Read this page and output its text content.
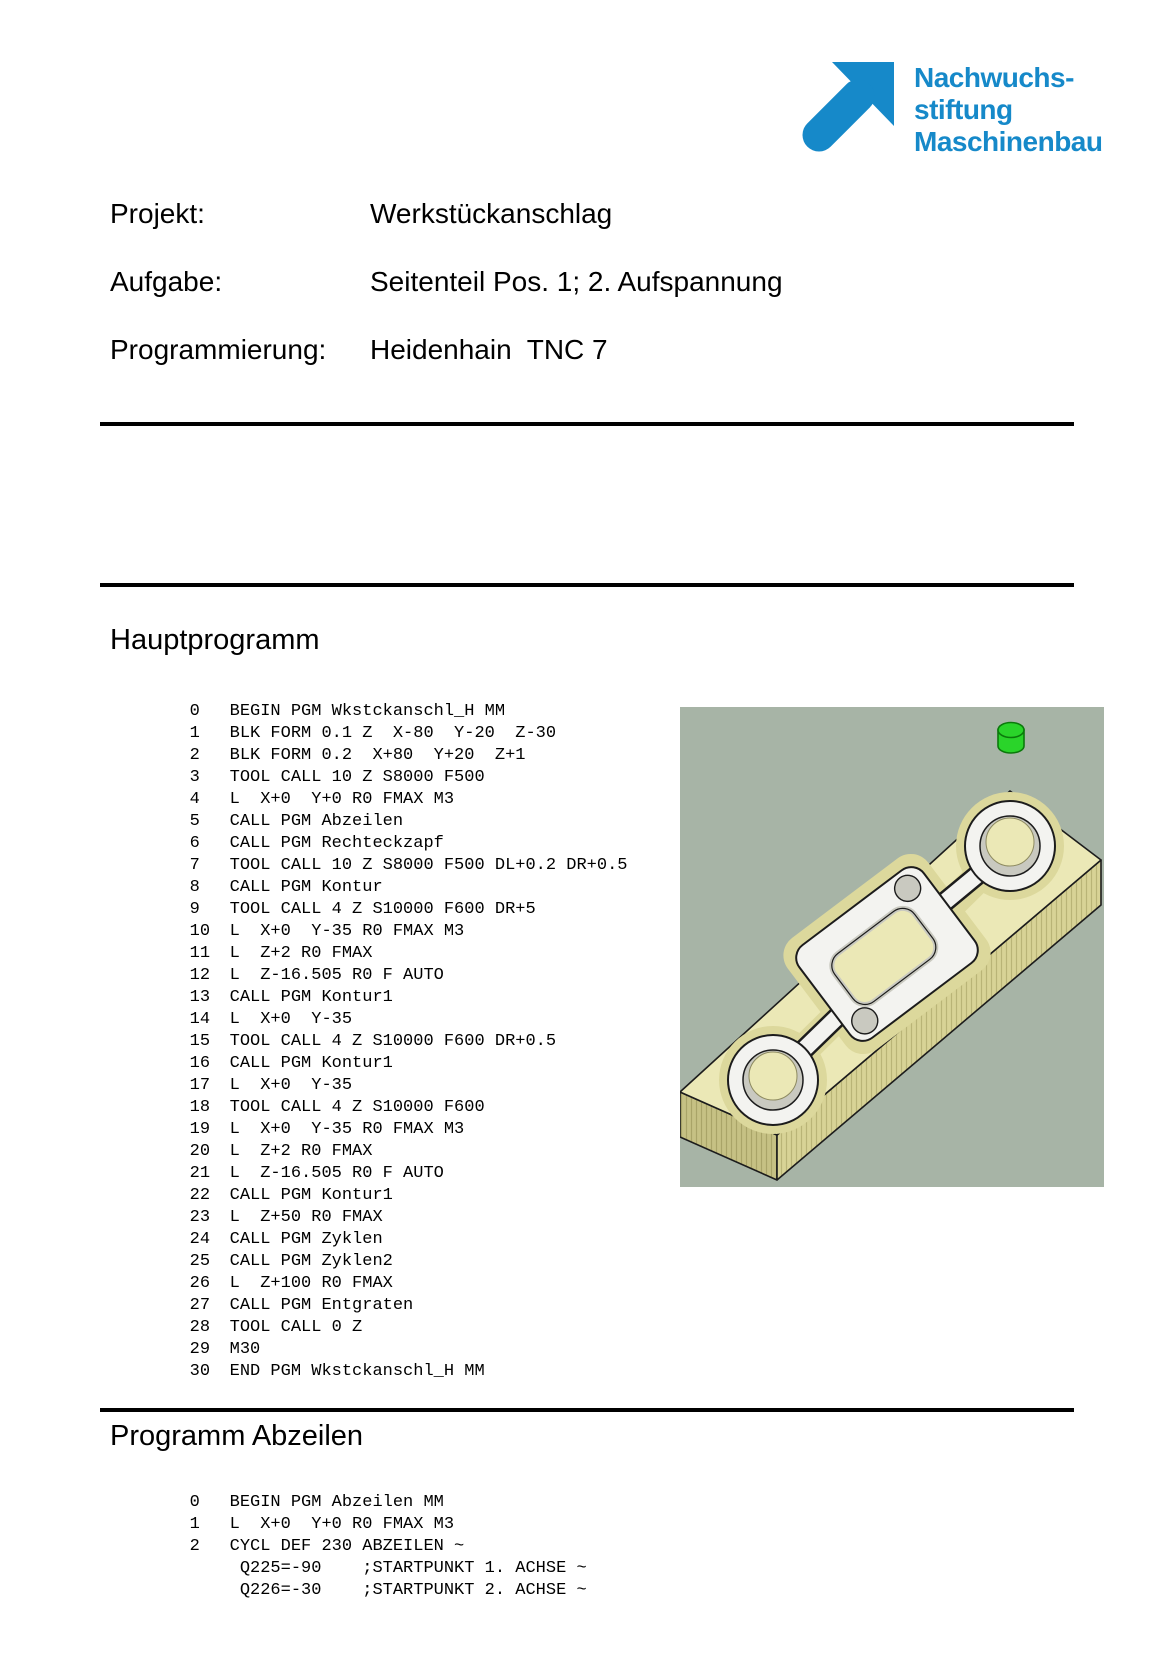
Nachwuchs-
stiftung
Maschinenbau
Projekt:	Werkstückanschlag
Aufgabe:	Seitenteil Pos. 1; 2. Aufspannung
Programmierung: Heidenhain  TNC 7
Hauptprogramm

0 BEGIN PGM Wkstckanschl_H MM

1 BLK FORM 0.1 Z  X-80  Y-20  Z-30

2 BLK FORM 0.2  X+80  Y+20  Z+1

3 TOOL CALL 10 Z S8000 F500

4 L  X+0  Y+0 R0 FMAX M3

5 CALL PGM Abzeilen

6 CALL PGM Rechteckzapf

7 TOOL CALL 10 Z S8000 F500 DL+0.2 DR+0.5

8 CALL PGM Kontur

9 TOOL CALL 4 Z S10000 F600 DR+5

10 L  X+0  Y-35 R0 FMAX M3

11 L  Z+2 R0 FMAX

12 L  Z-16.505 R0 F AUTO

13 CALL PGM Kontur1

14 L  X+0  Y-35

15 TOOL CALL 4 Z S10000 F600 DR+0.5

16 CALL PGM Kontur1

17 L  X+0  Y-35

18 TOOL CALL 4 Z S10000 F600

19 L  X+0  Y-35 R0 FMAX M3

20 L  Z+2 R0 FMAX

21 L  Z-16.505 R0 F AUTO

22 CALL PGM Kontur1

23 L  Z+50 R0 FMAX

24 CALL PGM Zyklen

25 CALL PGM Zyklen2

26 L  Z+100 R0 FMAX

27 CALL PGM Entgraten

28 TOOL CALL 0 Z

29 M30

30 END PGM Wkstckanschl_H MM

Programm Abzeilen

0 BEGIN PGM Abzeilen MM

1 L  X+0  Y+0 R0 FMAX M3

2 CYCL DEF 230 ABZEILEN ~

Q225=-90    ;STARTPUNKT 1. ACHSE ~

Q226=-30    ;STARTPUNKT 2. ACHSE ~
